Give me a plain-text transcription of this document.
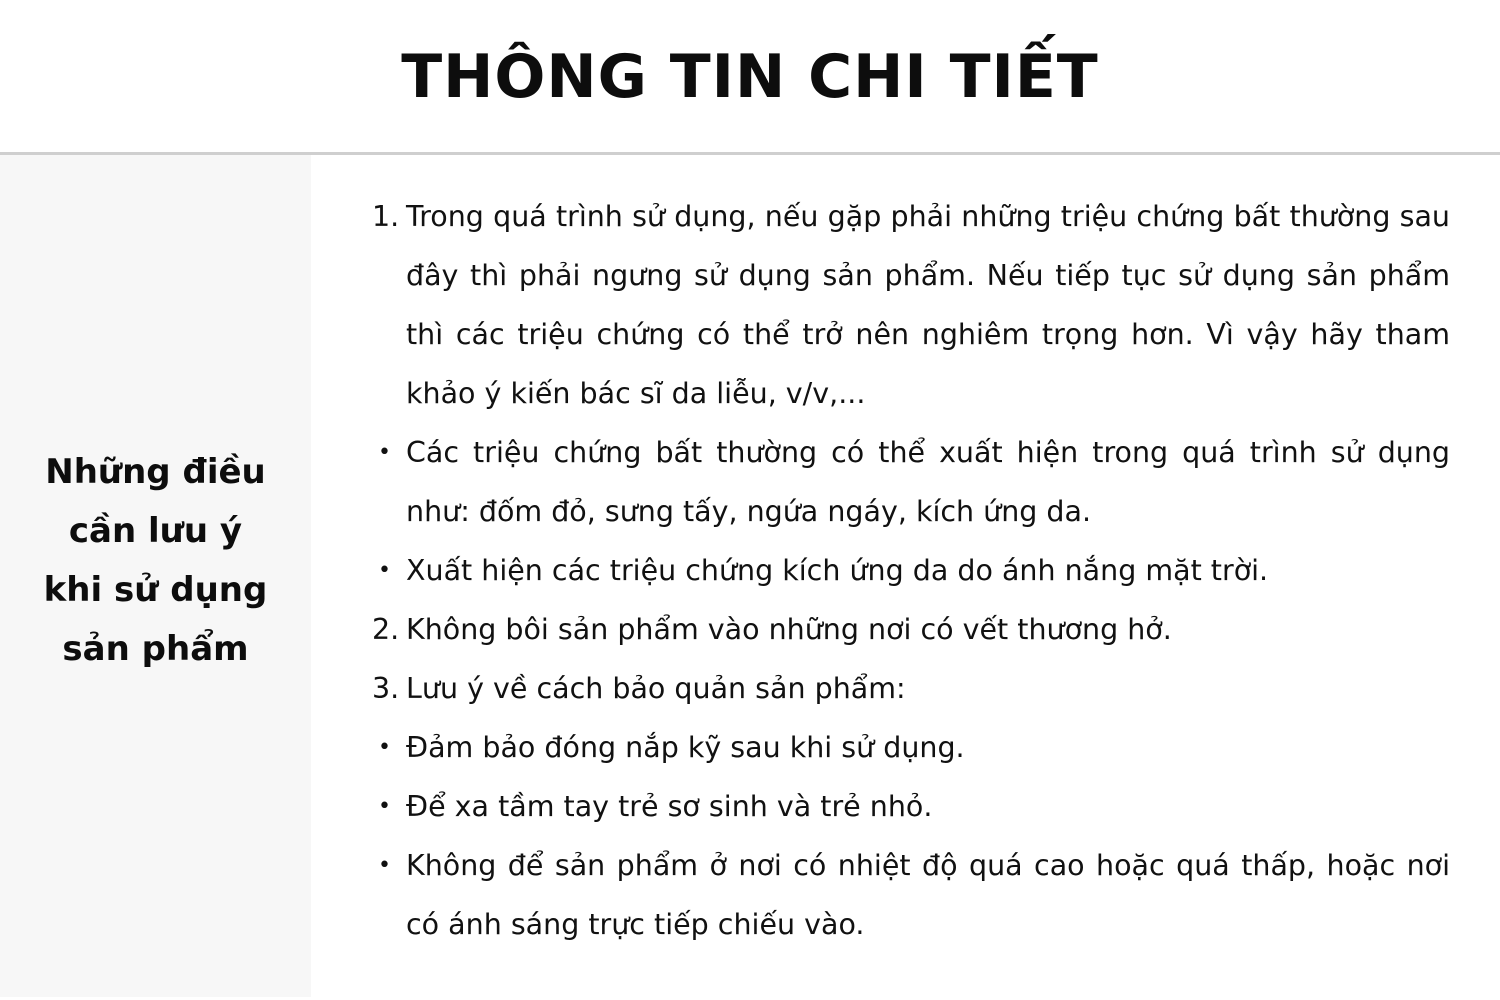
THÔNG TIN CHI TIẾT

Những điều cần lưu ý khi sử dụng sản phẩm

1. Trong quá trình sử dụng, nếu gặp phải những triệu chứng bất thường sau đây thì phải ngưng sử dụng sản phẩm. Nếu tiếp tục sử dụng sản phẩm thì các triệu chứng có thể trở nên nghiêm trọng hơn. Vì vậy hãy tham khảo ý kiến bác sĩ da liễu, v/v,...
• Các triệu chứng bất thường có thể xuất hiện trong quá trình sử dụng như: đốm đỏ, sưng tấy, ngứa ngáy, kích ứng da.
• Xuất hiện các triệu chứng kích ứng da do ánh nắng mặt trời.
2. Không bôi sản phẩm vào những nơi có vết thương hở.
3. Lưu ý về cách bảo quản sản phẩm:
• Đảm bảo đóng nắp kỹ sau khi sử dụng.
• Để xa tầm tay trẻ sơ sinh và trẻ nhỏ.
• Không để sản phẩm ở nơi có nhiệt độ quá cao hoặc quá thấp, hoặc nơi có ánh sáng trực tiếp chiếu vào.
